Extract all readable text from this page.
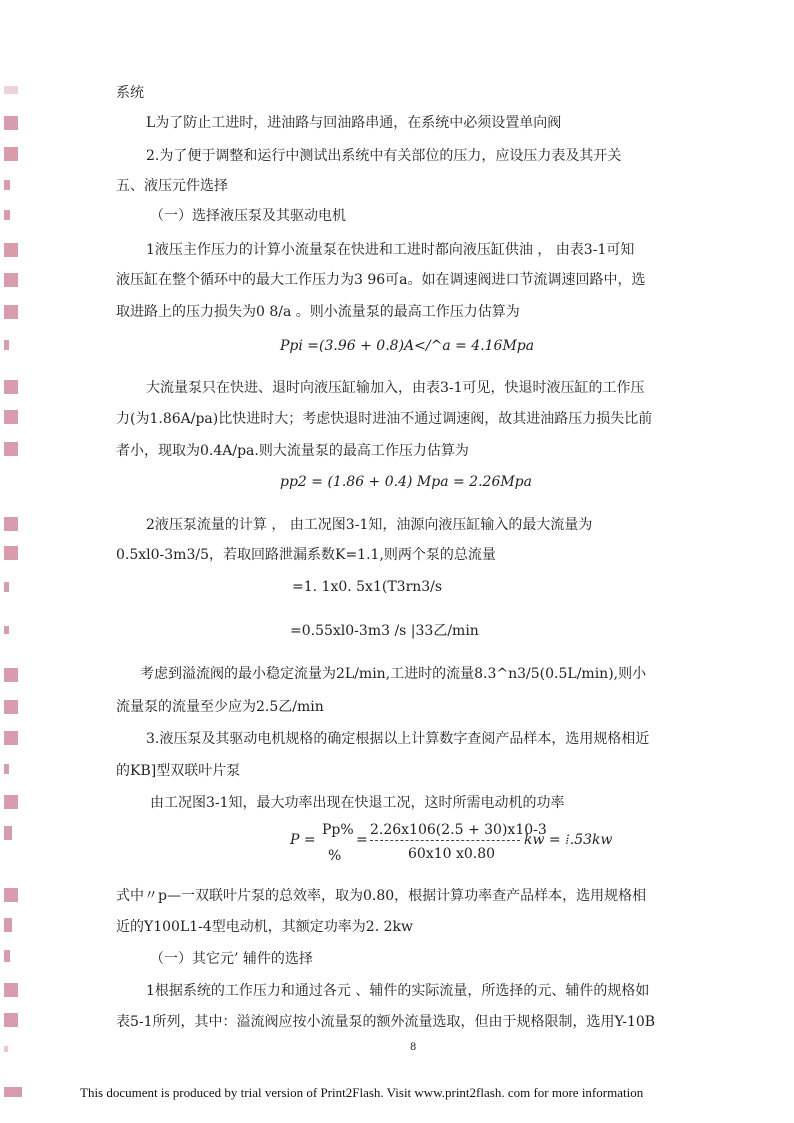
系统
L为了防止工进时，进油路与回油路串通，在系统中必须设置单向阀
2.为了便于调整和运行中测试出系统中有关部位的压力，应设压力表及其开关
五、液压元件选择
（一）选择液压泵及其驱动电机
1液压主作压力的计算小流量泵在快进和工进时都向液压缸供油 ， 由表3-1可知
液压缸在整个循环中的最大工作压力为3 96可a。如在调速阀进口节流调速回路中，选
取进路上的压力损失为0 8/a 。则小流量泵的最高工作压力估算为
Ppi =(3.96 + 0.8)A</^a = 4.16Mpa
大流量泵只在快进、退时向液压缸输加入，由表3-1可见，快退时液压缸的工作压
力(为1.86A/pa)比快进时大；考虑快退时进油不通过调速阀，故其进油路压力损失比前
者小，现取为0.4A/pa.则大流量泵的最高工作压力估算为
pp2 = (1.86 + 0.4) Mpa = 2.26Mpa
2液压泵流量的计算 ， 由工况图3-1知，油源向液压缸输入的最大流量为
0.5xl0-3m3/5，若取回路泄漏系数K=1.1,则两个泵的总流量
=1. 1x0. 5x1(T3rn3/s
=0.55xl0-3m3 /s |33乙/min
考虑到溢流阀的最小稳定流量为2L/min,工进时的流量8.3^n3/5(0.5L/min),则小
流量泵的流量至少应为2.5乙/min
3.液压泵及其驱动电机规格的确定根据以上计算数字查阅产品样本，选用规格相近
的KB]型双联叶片泵
由工况图3-1知，最大功率出现在快退工况，这时所需电动机的功率
P =
Pp%
%
=
2.26x106(2.5 + 30)x10-3
60x10 x0.80
kw = ⁞.53kw
式中〃p—一双联叶片泵的总效率，取为0.80，根据计算功率查产品样本，选用规格相
近的Y100L1-4型电动机，其额定功率为2. 2kw
（一）其它元’ 辅件的选择
1根据系统的工作压力和通过各元 、辅件的实际流量，所选择的元、辅件的规格如
表5-1所列，其中：溢流阀应按小流量泵的额外流量选取，但由于规格限制，选用Y-10B
8
This document is produced by trial version of Print2Flash. Visit www.print2flash. com for more information
